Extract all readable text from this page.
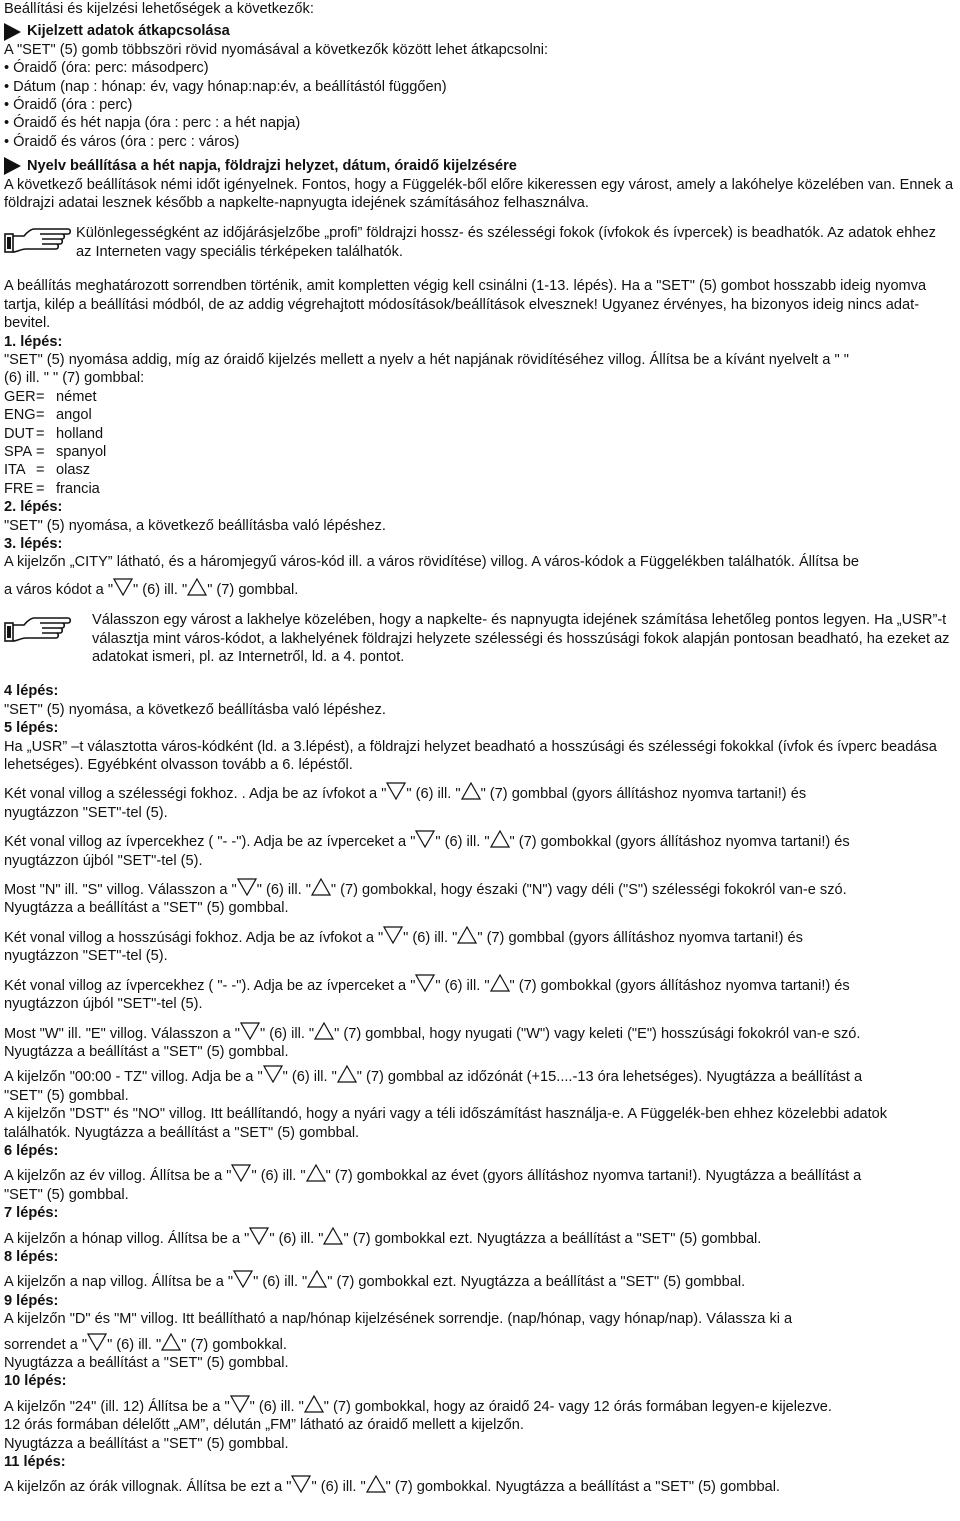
Beállítási és kijelzési lehetőségek a következők:

Kijelzett adatok átkapcsolása

A "SET" (5) gomb többszöri rövid nyomásával a következők között lehet átkapcsolni:

• Óraidő (óra: perc: másodperc)

• Dátum (nap : hónap: év, vagy hónap:nap:év, a beállítástól függően)

• Óraidő (óra : perc)

• Óraidő és hét napja (óra : perc : a hét napja)

• Óraidő és város (óra : perc : város)

Nyelv beállítása a hét napja, földrajzi helyzet, dátum, óraidő kijelzésére

A következő beállítások némi időt igényelnek. Fontos, hogy a Függelék-ből előre kikeressen egy várost, amely a lakóhelye közelében van. Ennek a földrajzi adatai lesznek később a napkelte-napnyugta idejének számításához felhasználva.

Különlegességként az időjárásjelzőbe „profi” földrajzi hossz- és szélességi fokok (ívfokok és ívpercek) is beadhatók. Az adatok ehhez az Interneten vagy speciális térképeken találhatók.

A beállítás meghatározott sorrendben történik, amit kompletten végig kell csinálni (1-13. lépés). Ha a "SET" (5) gombot hosszabb ideig nyomva tartja, kilép a beállítási módból, de az addig végrehajtott módosítások/beállítások elvesznek! Ugyanez érvényes, ha bizonyos ideig nincs adat-bevitel.

1. lépés:

"SET" (5) nyomása addig, míg az óraidő kijelzés mellett a nyelv a hét napjának rövidítéséhez villog. Állítsa be a kívánt nyelvelt a " "

(6) ill. " " (7) gombbal:

GER = német
ENG = angol
DUT = holland
SPA = spanyol
ITA = olasz
FRE = francia

2. lépés:

"SET" (5) nyomása, a következő beállításba való lépéshez.

3. lépés:

A kijelzőn „CITY” látható, és a háromjegyű város-kód ill. a város rövidítése) villog. A város-kódok a Függelékben találhatók. Állítsa be

a város kódot a " " (6) ill. " " (7) gombbal.

Válasszon egy várost a lakhelye közelében, hogy a napkelte- és napnyugta idejének számítása lehetőleg pontos legyen. Ha „USR”-t választja mint város-kódot, a lakhelyének földrajzi helyzete szélességi és hosszúsági fokok alapján pontosan beadható, ha ezeket az adatokat ismeri, pl. az Internetről, ld. a 4. pontot.

4 lépés:

"SET" (5) nyomása, a következő beállításba való lépéshez.

5 lépés:

Ha „USR” –t választotta város-kódként (ld. a 3.lépést), a földrajzi helyzet beadható a hosszúsági és szélességi fokokkal (ívfok és ívperc beadása lehetséges). Egyébként olvasson tovább a 6. lépéstől.

Két vonal villog a szélességi fokhoz. . Adja be az ívfokot a " " (6) ill. " " (7) gombbal (gyors állításhoz nyomva tartani!) és

nyugtázzon "SET"-tel (5).

Két vonal villog az ívpercekhez ( "- -"). Adja be az ívperceket a " " (6) ill. " " (7) gombokkal (gyors állításhoz nyomva tartani!) és

nyugtázzon újból "SET"-tel (5).

Most "N" ill. "S" villog. Válasszon a " " (6) ill. " " (7) gombokkal, hogy északi ("N") vagy déli ("S") szélességi fokokról van-e szó.

Nyugtázza a beállítást a "SET" (5) gombbal.

Két vonal villog a hosszúsági fokhoz. Adja be az ívfokot a " " (6) ill. " " (7) gombbal (gyors állításhoz nyomva tartani!) és

nyugtázzon "SET"-tel (5).

Két vonal villog az ívpercekhez ( "- -"). Adja be az ívperceket a " " (6) ill. " " (7) gombokkal (gyors állításhoz nyomva tartani!) és

nyugtázzon újból "SET"-tel (5).

Most "W" ill. "E" villog. Válasszon a " " (6) ill. " " (7) gombbal, hogy nyugati ("W") vagy keleti ("E") hosszúsági fokokról van-e szó.

Nyugtázza a beállítást a "SET" (5) gombbal.

A kijelzőn "00:00 - TZ" villog. Adja be a " " (6) ill. " " (7) gombbal az időzónát (+15....-13 óra lehetséges). Nyugtázza a beállítást a

"SET" (5) gombbal.

A kijelzőn "DST" és "NO" villog. Itt beállítandó, hogy a nyári vagy a téli időszámítást használja-e. A Függelék-ben ehhez közelebbi adatok találhatók. Nyugtázza a beállítást a "SET" (5) gombbal.

6 lépés:

A kijelzőn az év villog. Állítsa be a " " (6) ill. " " (7) gombokkal az évet (gyors állításhoz nyomva tartani!). Nyugtázza a beállítást a

"SET" (5) gombbal.

7 lépés:

A kijelzőn a hónap villog. Állítsa be a " " (6) ill. " " (7) gombokkal ezt. Nyugtázza a beállítást a "SET" (5) gombbal.

8 lépés:

A kijelzőn a nap villog. Állítsa be a " " (6) ill. " " (7) gombokkal ezt. Nyugtázza a beállítást a "SET" (5) gombbal.

9 lépés:

A kijelzőn "D" és "M" villog. Itt beállítható a nap/hónap kijelzésének sorrendje. (nap/hónap, vagy hónap/nap). Válassza ki a

sorrendet a " " (6) ill. " " (7) gombokkal.

Nyugtázza a beállítást a "SET" (5) gombbal.

10 lépés:

A kijelzőn "24" (ill. 12) Állítsa be a " " (6) ill. " " (7) gombokkal, hogy az óraidő 24- vagy 12 órás formában legyen-e kijelezve.

12 órás formában délelőtt „AM”, délután „FM” látható az óraidő mellett a kijelzőn.

Nyugtázza a beállítást a "SET" (5) gombbal.

11 lépés:

A kijelzőn az órák villognak. Állítsa be ezt a " " (6) ill. " " (7) gombokkal. Nyugtázza a beállítást a "SET" (5) gombbal.
